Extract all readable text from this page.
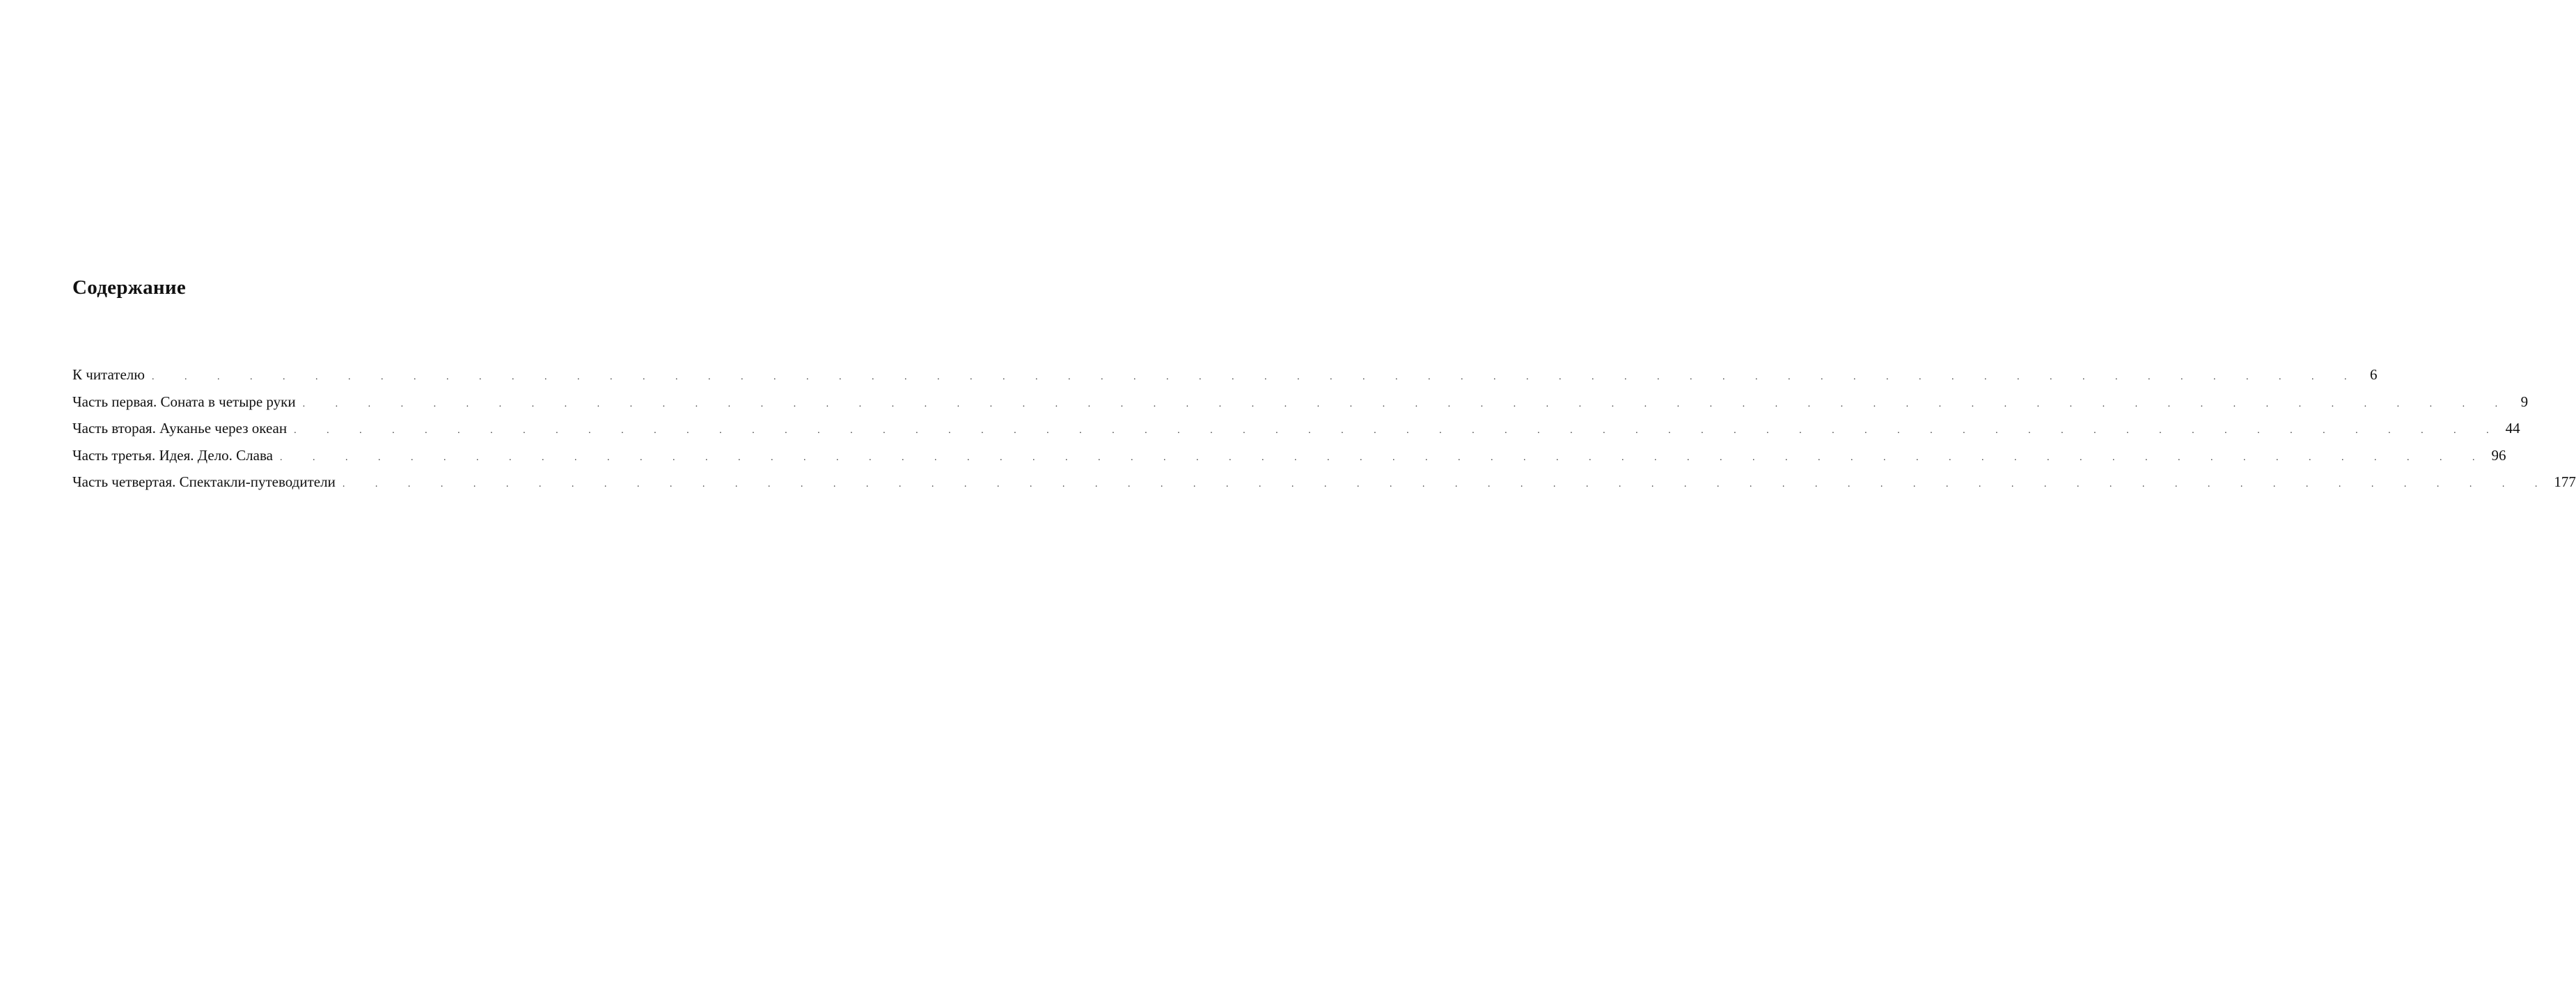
Содержание
К читателю . . . . . . . . . . . . . . . . . . . . . . . . . . . . . . . . . . . . . . . . . . . . . . . . . . . . . . . . . . . . . . . . . . . . 6
Часть первая. Соната в четыре руки . . . . . . . . . . . . . . . . . . . . . . . . . . . . . . . . . . . . . . . . . . . . . . . . . . . . . . . . . . . . . . . . . . . . 9
Часть вторая. Ауканье через океан . . . . . . . . . . . . . . . . . . . . . . . . . . . . . . . . . . . . . . . . . . . . . . . . . . . . . . . . . . . . . . . . . . . . 44
Часть третья. Идея. Дело. Слава . . . . . . . . . . . . . . . . . . . . . . . . . . . . . . . . . . . . . . . . . . . . . . . . . . . . . . . . . . . . . . . . . . . . 96
Часть четвертая. Спектакли-путеводители . . . . . . . . . . . . . . . . . . . . . . . . . . . . . . . . . . . . . . . . . . . . . . . . . . . . . . . . . . . . . . . . . . . . 177
